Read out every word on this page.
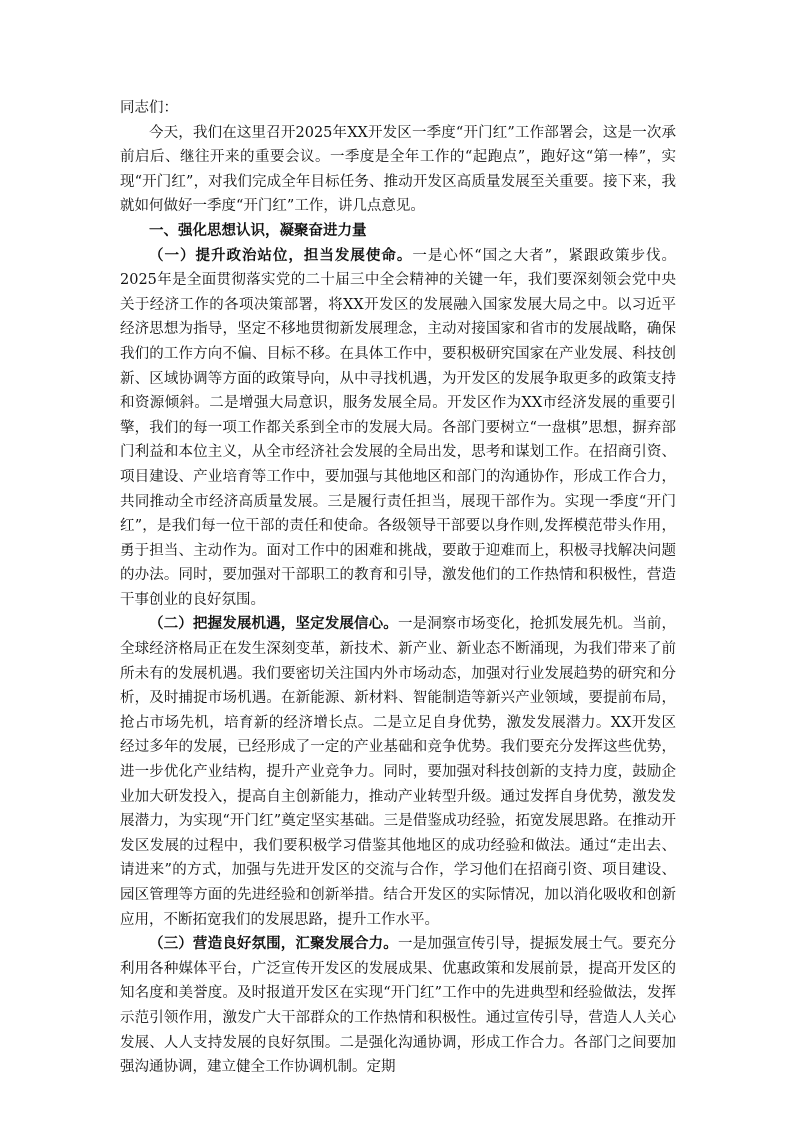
同志们：

今天，我们在这里召开2025年XX开发区一季度“开门红”工作部署会，这是一次承前启后、继往开来的重要会议。一季度是全年工作的“起跑点”，跑好这“第一棒”，实现“开门红”，对我们完成全年目标任务、推动开发区高质量发展至关重要。接下来，我就如何做好一季度“开门红”工作，讲几点意见。

一、强化思想认识，凝聚奋进力量

（一）提升政治站位，担当发展使命。一是心怀“国之大者”，紧跟政策步伐。2025年是全面贯彻落实党的二十届三中全会精神的关键一年，我们要深刻领会党中央关于经济工作的各项决策部署，将XX开发区的发展融入国家发展大局之中。以习近平经济思想为指导，坚定不移地贯彻新发展理念，主动对接国家和省市的发展战略，确保我们的工作方向不偏、目标不移。在具体工作中，要积极研究国家在产业发展、科技创新、区域协调等方面的政策导向，从中寻找机遇，为开发区的发展争取更多的政策支持和资源倾斜。二是增强大局意识，服务发展全局。开发区作为XX市经济发展的重要引擎，我们的每一项工作都关系到全市的发展大局。各部门要树立“一盘棋”思想，摒弃部门利益和本位主义，从全市经济社会发展的全局出发，思考和谋划工作。在招商引资、项目建设、产业培育等工作中，要加强与其他地区和部门的沟通协作，形成工作合力，共同推动全市经济高质量发展。三是履行责任担当，展现干部作为。实现一季度“开门红”，是我们每一位干部的责任和使命。各级领导干部要以身作则,发挥模范带头作用，勇于担当、主动作为。面对工作中的困难和挑战，要敢于迎难而上，积极寻找解决问题的办法。同时，要加强对干部职工的教育和引导，激发他们的工作热情和积极性，营造干事创业的良好氛围。

（二）把握发展机遇，坚定发展信心。一是洞察市场变化，抢抓发展先机。当前，全球经济格局正在发生深刻变革，新技术、新产业、新业态不断涌现，为我们带来了前所未有的发展机遇。我们要密切关注国内外市场动态，加强对行业发展趋势的研究和分析，及时捕捉市场机遇。在新能源、新材料、智能制造等新兴产业领域，要提前布局，抢占市场先机，培育新的经济增长点。二是立足自身优势，激发发展潜力。XX开发区经过多年的发展，已经形成了一定的产业基础和竞争优势。我们要充分发挥这些优势，进一步优化产业结构，提升产业竞争力。同时，要加强对科技创新的支持力度，鼓励企业加大研发投入，提高自主创新能力，推动产业转型升级。通过发挥自身优势，激发发展潜力，为实现“开门红”奠定坚实基础。三是借鉴成功经验，拓宽发展思路。在推动开发区发展的过程中，我们要积极学习借鉴其他地区的成功经验和做法。通过“走出去、请进来”的方式，加强与先进开发区的交流与合作，学习他们在招商引资、项目建设、园区管理等方面的先进经验和创新举措。结合开发区的实际情况，加以消化吸收和创新应用，不断拓宽我们的发展思路，提升工作水平。

（三）营造良好氛围，汇聚发展合力。一是加强宣传引导，提振发展士气。要充分利用各种媒体平台，广泛宣传开发区的发展成果、优惠政策和发展前景，提高开发区的知名度和美誉度。及时报道开发区在实现“开门红”工作中的先进典型和经验做法，发挥示范引领作用，激发广大干部群众的工作热情和积极性。通过宣传引导，营造人人关心发展、人人支持发展的良好氛围。二是强化沟通协调，形成工作合力。各部门之间要加强沟通协调，建立健全工作协调机制。定期
